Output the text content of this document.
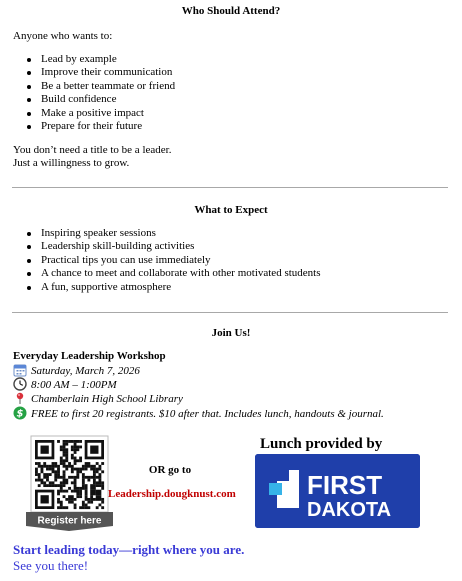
Who Should Attend?
Anyone who wants to:
Lead by example
Improve their communication
Be a better teammate or friend
Build confidence
Make a positive impact
Prepare for their future
You don’t need a title to be a leader.
Just a willingness to grow.
What to Expect
Inspiring speaker sessions
Leadership skill-building activities
Practical tips you can use immediately
A chance to meet and collaborate with other motivated students
A fun, supportive atmosphere
Join Us!
Everyday Leadership Workshop
Saturday, March 7, 2026
8:00 AM – 1:00PM
Chamberlain High School Library
$ FREE to first 20 registrants. $10 after that. Includes lunch, handouts & journal.
Register here
OR go to
Leadership.dougknust.com
Lunch provided by
FIRST
DAKOTA
Start leading today—right where you are.
See you there!
